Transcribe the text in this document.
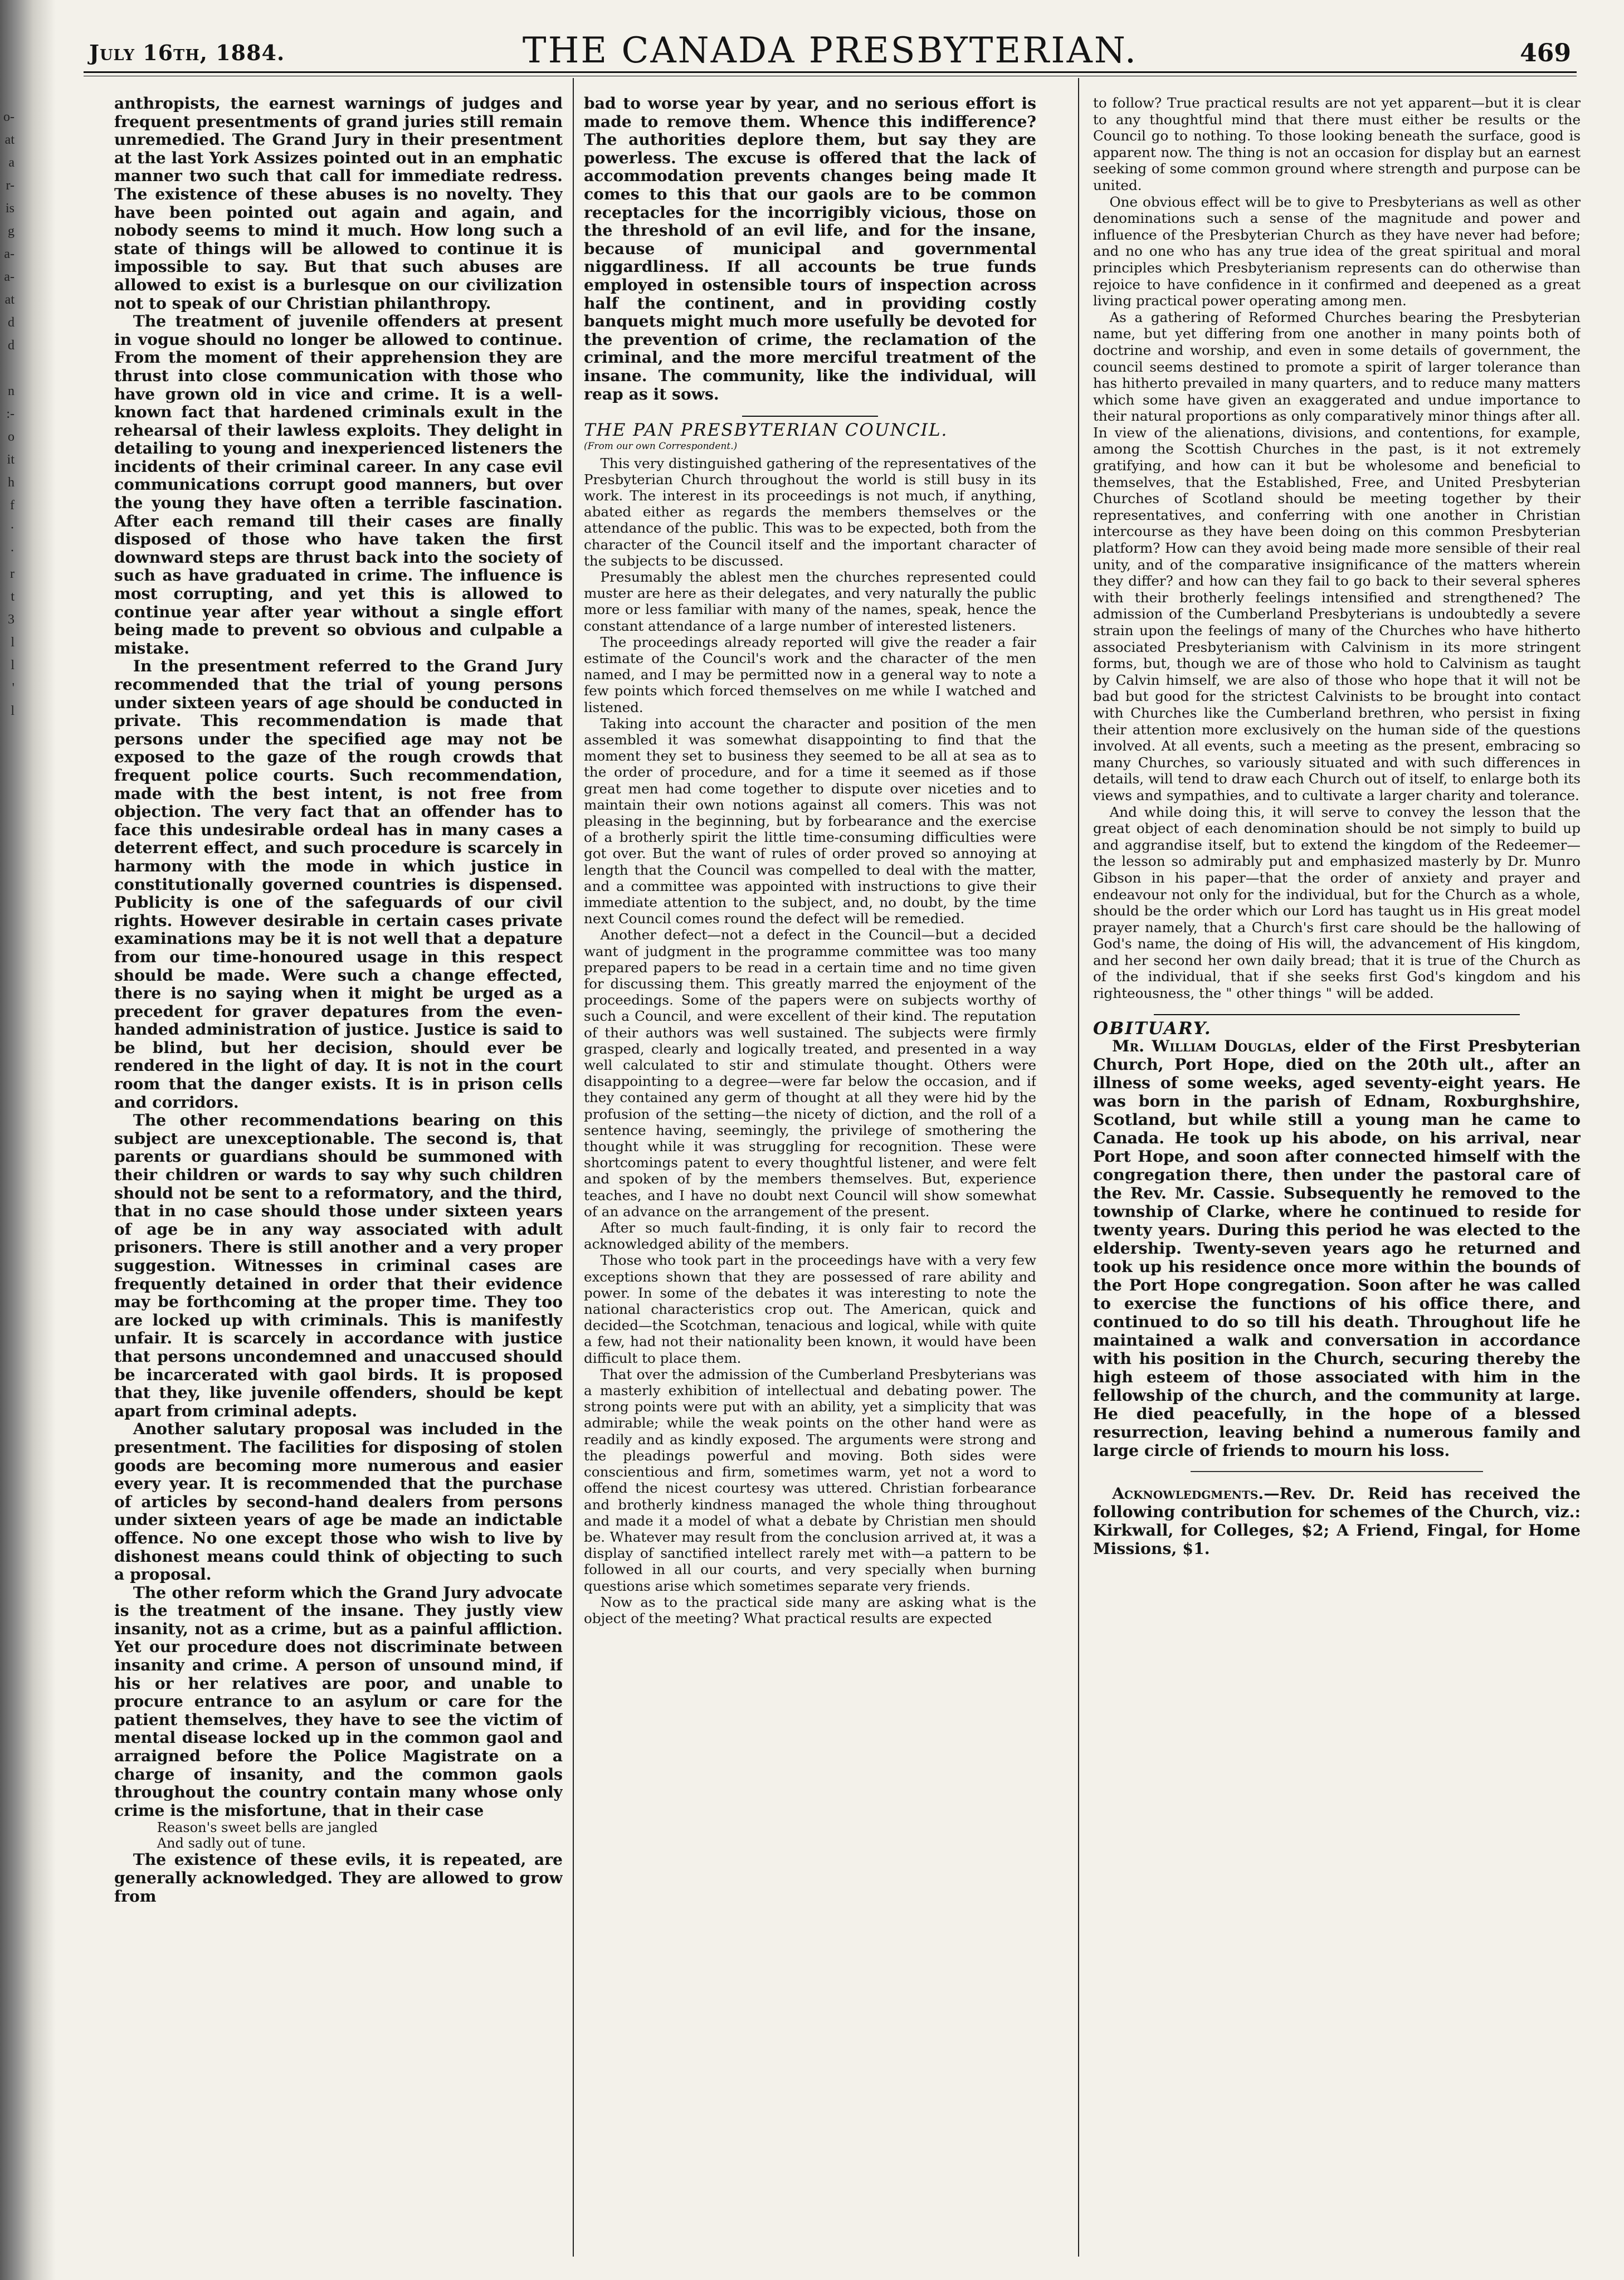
o-
at
a
r-
is
g
a-
a-
at
d
d
n
:-
o
it
h
f
·
·
r
t
3
l
l
'
l
July 16th, 1884.	THE CANADA PRESBYTERIAN.	469

anthropists, the earnest warnings of judges and frequent presentments of grand juries still remain unremedied. The Grand Jury in their presentment at the last York Assizes pointed out in an emphatic manner two such that call for immediate redress. The existence of these abuses is no novelty. They have been pointed out again and again, and nobody seems to mind it much. How long such a state of things will be allowed to continue it is impossible to say. But that such abuses are allowed to exist is a burlesque on our civilization not to speak of our Christian philanthropy.

The treatment of juvenile offenders at present in vogue should no longer be allowed to continue. From the moment of their apprehension they are thrust into close communication with those who have grown old in vice and crime. It is a well-known fact that hardened criminals exult in the rehearsal of their lawless exploits. They delight in detailing to young and inexperienced listeners the incidents of their criminal career. In any case evil communications corrupt good manners, but over the young they have often a terrible fascination. After each remand till their cases are finally disposed of those who have taken the first downward steps are thrust back into the society of such as have graduated in crime. The influence is most corrupting, and yet this is allowed to continue year after year without a single effort being made to prevent so obvious and culpable a mistake.

In the presentment referred to the Grand Jury recommended that the trial of young persons under sixteen years of age should be conducted in private. This recommendation is made that persons under the specified age may not be exposed to the gaze of the rough crowds that frequent police courts. Such recommendation, made with the best intent, is not free from objection. The very fact that an offender has to face this undesirable ordeal has in many cases a deterrent effect, and such procedure is scarcely in harmony with the mode in which justice in constitutionally governed countries is dispensed. Publicity is one of the safeguards of our civil rights. However desirable in certain cases private examinations may be it is not well that a depature from our time-honoured usage in this respect should be made. Were such a change effected, there is no saying when it might be urged as a precedent for graver depatures from the even-handed administration of justice. Justice is said to be blind, but her decision, should ever be rendered in the light of day. It is not in the court room that the danger exists. It is in prison cells and corridors.

The other recommendations bearing on this subject are unexceptionable. The second is, that parents or guardians should be summoned with their children or wards to say why such children should not be sent to a reformatory, and the third, that in no case should those under sixteen years of age be in any way associated with adult prisoners. There is still another and a very proper suggestion. Witnesses in criminal cases are frequently detained in order that their evidence may be forthcoming at the proper time. They too are locked up with criminals. This is manifestly unfair. It is scarcely in accordance with justice that persons uncondemned and unaccused should be incarcerated with gaol birds. It is proposed that they, like juvenile offenders, should be kept apart from criminal adepts.

Another salutary proposal was included in the presentment. The facilities for disposing of stolen goods are becoming more numerous and easier every year. It is recommended that the purchase of articles by second-hand dealers from persons under sixteen years of age be made an indictable offence. No one except those who wish to live by dishonest means could think of objecting to such a proposal.

The other reform which the Grand Jury advocate is the treatment of the insane. They justly view insanity, not as a crime, but as a painful affliction. Yet our procedure does not discriminate between insanity and crime. A person of unsound mind, if his or her relatives are poor, and unable to procure entrance to an asylum or care for the patient themselves, they have to see the victim of mental disease locked up in the common gaol and arraigned before the Police Magistrate on a charge of insanity, and the common gaols throughout the country contain many whose only crime is the misfortune, that in their case

Reason's sweet bells are jangled

And sadly out of tune.

The existence of these evils, it is repeated, are generally acknowledged. They are allowed to grow from

bad to worse year by year, and no serious effort is made to remove them. Whence this indifference? The authorities deplore them, but say they are powerless. The excuse is offered that the lack of accommodation prevents changes being made It comes to this that our gaols are to be common receptacles for the incorrigibly vicious, those on the threshold of an evil life, and for the insane, because of municipal and governmental niggardliness. If all accounts be true funds employed in ostensible tours of inspection across half the continent, and in providing costly banquets might much more usefully be devoted for the prevention of crime, the reclamation of the criminal, and the more merciful treatment of the insane. The community, like the individual, will reap as it sows.

THE PAN PRESBYTERIAN COUNCIL.

(From our own Correspondent.)

This very distinguished gathering of the representatives of the Presbyterian Church throughout the world is still busy in its work. The interest in its proceedings is not much, if anything, abated either as regards the members themselves or the attendance of the public. This was to be expected, both from the character of the Council itself and the important character of the subjects to be discussed.

Presumably the ablest men the churches represented could muster are here as their delegates, and very naturally the public more or less familiar with many of the names, speak, hence the constant attendance of a large number of interested listeners.

The proceedings already reported will give the reader a fair estimate of the Council's work and the character of the men named, and I may be permitted now in a general way to note a few points which forced themselves on me while I watched and listened.

Taking into account the character and position of the men assembled it was somewhat disappointing to find that the moment they set to business they seemed to be all at sea as to the order of procedure, and for a time it seemed as if those great men had come together to dispute over niceties and to maintain their own notions against all comers. This was not pleasing in the beginning, but by forbearance and the exercise of a brotherly spirit the little time-consuming difficulties were got over. But the want of rules of order proved so annoying at length that the Council was compelled to deal with the matter, and a committee was appointed with instructions to give their immediate attention to the subject, and, no doubt, by the time next Council comes round the defect will be remedied.

Another defect—not a defect in the Council—but a decided want of judgment in the programme committee was too many prepared papers to be read in a certain time and no time given for discussing them. This greatly marred the enjoyment of the proceedings. Some of the papers were on subjects worthy of such a Council, and were excellent of their kind. The reputation of their authors was well sustained. The subjects were firmly grasped, clearly and logically treated, and presented in a way well calculated to stir and stimulate thought. Others were disappointing to a degree—were far below the occasion, and if they contained any germ of thought at all they were hid by the profusion of the setting—the nicety of diction, and the roll of a sentence having, seemingly, the privilege of smothering the thought while it was struggling for recognition. These were shortcomings patent to every thoughtful listener, and were felt and spoken of by the members themselves. But, experience teaches, and I have no doubt next Council will show somewhat of an advance on the arrangement of the present.

After so much fault-finding, it is only fair to record the acknowledged ability of the members.

Those who took part in the proceedings have with a very few exceptions shown that they are possessed of rare ability and power. In some of the debates it was interesting to note the national characteristics crop out. The American, quick and decided—the Scotchman, tenacious and logical, while with quite a few, had not their nationality been known, it would have been difficult to place them.

That over the admission of the Cumberland Presbyterians was a masterly exhibition of intellectual and debating power. The strong points were put with an ability, yet a simplicity that was admirable; while the weak points on the other hand were as readily and as kindly exposed. The arguments were strong and the pleadings powerful and moving. Both sides were conscientious and firm, sometimes warm, yet not a word to offend the nicest courtesy was uttered. Christian forbearance and brotherly kindness managed the whole thing throughout and made it a model of what a debate by Christian men should be. Whatever may result from the conclusion arrived at, it was a display of sanctified intellect rarely met with—a pattern to be followed in all our courts, and very specially when burning questions arise which sometimes separate very friends.

Now as to the practical side many are asking what is the object of the meeting? What practical results are expected

to follow? True practical results are not yet apparent—but it is clear to any thoughtful mind that there must either be results or the Council go to nothing. To those looking beneath the surface, good is apparent now. The thing is not an occasion for display but an earnest seeking of some common ground where strength and purpose can be united.

One obvious effect will be to give to Presbyterians as well as other denominations such a sense of the magnitude and power and influence of the Presbyterian Church as they have never had before; and no one who has any true idea of the great spiritual and moral principles which Presbyterianism represents can do otherwise than rejoice to have confidence in it confirmed and deepened as a great living practical power operating among men.

As a gathering of Reformed Churches bearing the Presbyterian name, but yet differing from one another in many points both of doctrine and worship, and even in some details of government, the council seems destined to promote a spirit of larger tolerance than has hitherto prevailed in many quarters, and to reduce many matters which some have given an exaggerated and undue importance to their natural proportions as only comparatively minor things after all. In view of the alienations, divisions, and contentions, for example, among the Scottish Churches in the past, is it not extremely gratifying, and how can it but be wholesome and beneficial to themselves, that the Established, Free, and United Presbyterian Churches of Scotland should be meeting together by their representatives, and conferring with one another in Christian intercourse as they have been doing on this common Presbyterian platform? How can they avoid being made more sensible of their real unity, and of the comparative insignificance of the matters wherein they differ? and how can they fail to go back to their several spheres with their brotherly feelings intensified and strengthened? The admission of the Cumberland Presbyterians is undoubtedly a severe strain upon the feelings of many of the Churches who have hitherto associated Presbyterianism with Calvinism in its more stringent forms, but, though we are of those who hold to Calvinism as taught by Calvin himself, we are also of those who hope that it will not be bad but good for the strictest Calvinists to be brought into contact with Churches like the Cumberland brethren, who persist in fixing their attention more exclusively on the human side of the questions involved. At all events, such a meeting as the present, embracing so many Churches, so variously situated and with such differences in details, will tend to draw each Church out of itself, to enlarge both its views and sympathies, and to cultivate a larger charity and tolerance.

And while doing this, it will serve to convey the lesson that the great object of each denomination should be not simply to build up and aggrandise itself, but to extend the kingdom of the Redeemer—the lesson so admirably put and emphasized masterly by Dr. Munro Gibson in his paper—that the order of anxiety and prayer and endeavour not only for the individual, but for the Church as a whole, should be the order which our Lord has taught us in His great model prayer namely, that a Church's first care should be the hallowing of God's name, the doing of His will, the advancement of His kingdom, and her second her own daily bread; that it is true of the Church as of the individual, that if she seeks first God's kingdom and his righteousness, the " other things " will be added.

OBITUARY.

Mr. William Douglas, elder of the First Presbyterian Church, Port Hope, died on the 20th ult., after an illness of some weeks, aged seventy-eight years. He was born in the parish of Ednam, Roxburghshire, Scotland, but while still a young man he came to Canada. He took up his abode, on his arrival, near Port Hope, and soon after connected himself with the congregation there, then under the pastoral care of the Rev. Mr. Cassie. Subsequently he removed to the township of Clarke, where he continued to reside for twenty years. During this period he was elected to the eldership. Twenty-seven years ago he returned and took up his residence once more within the bounds of the Port Hope congregation. Soon after he was called to exercise the functions of his office there, and continued to do so till his death. Throughout life he maintained a walk and conversation in accordance with his position in the Church, securing thereby the high esteem of those associated with him in the fellowship of the church, and the community at large. He died peacefully, in the hope of a blessed resurrection, leaving behind a numerous family and large circle of friends to mourn his loss.

Acknowledgments.—Rev. Dr. Reid has received the following contribution for schemes of the Church, viz.: Kirkwall, for Colleges, $2; A Friend, Fingal, for Home Missions, $1.
